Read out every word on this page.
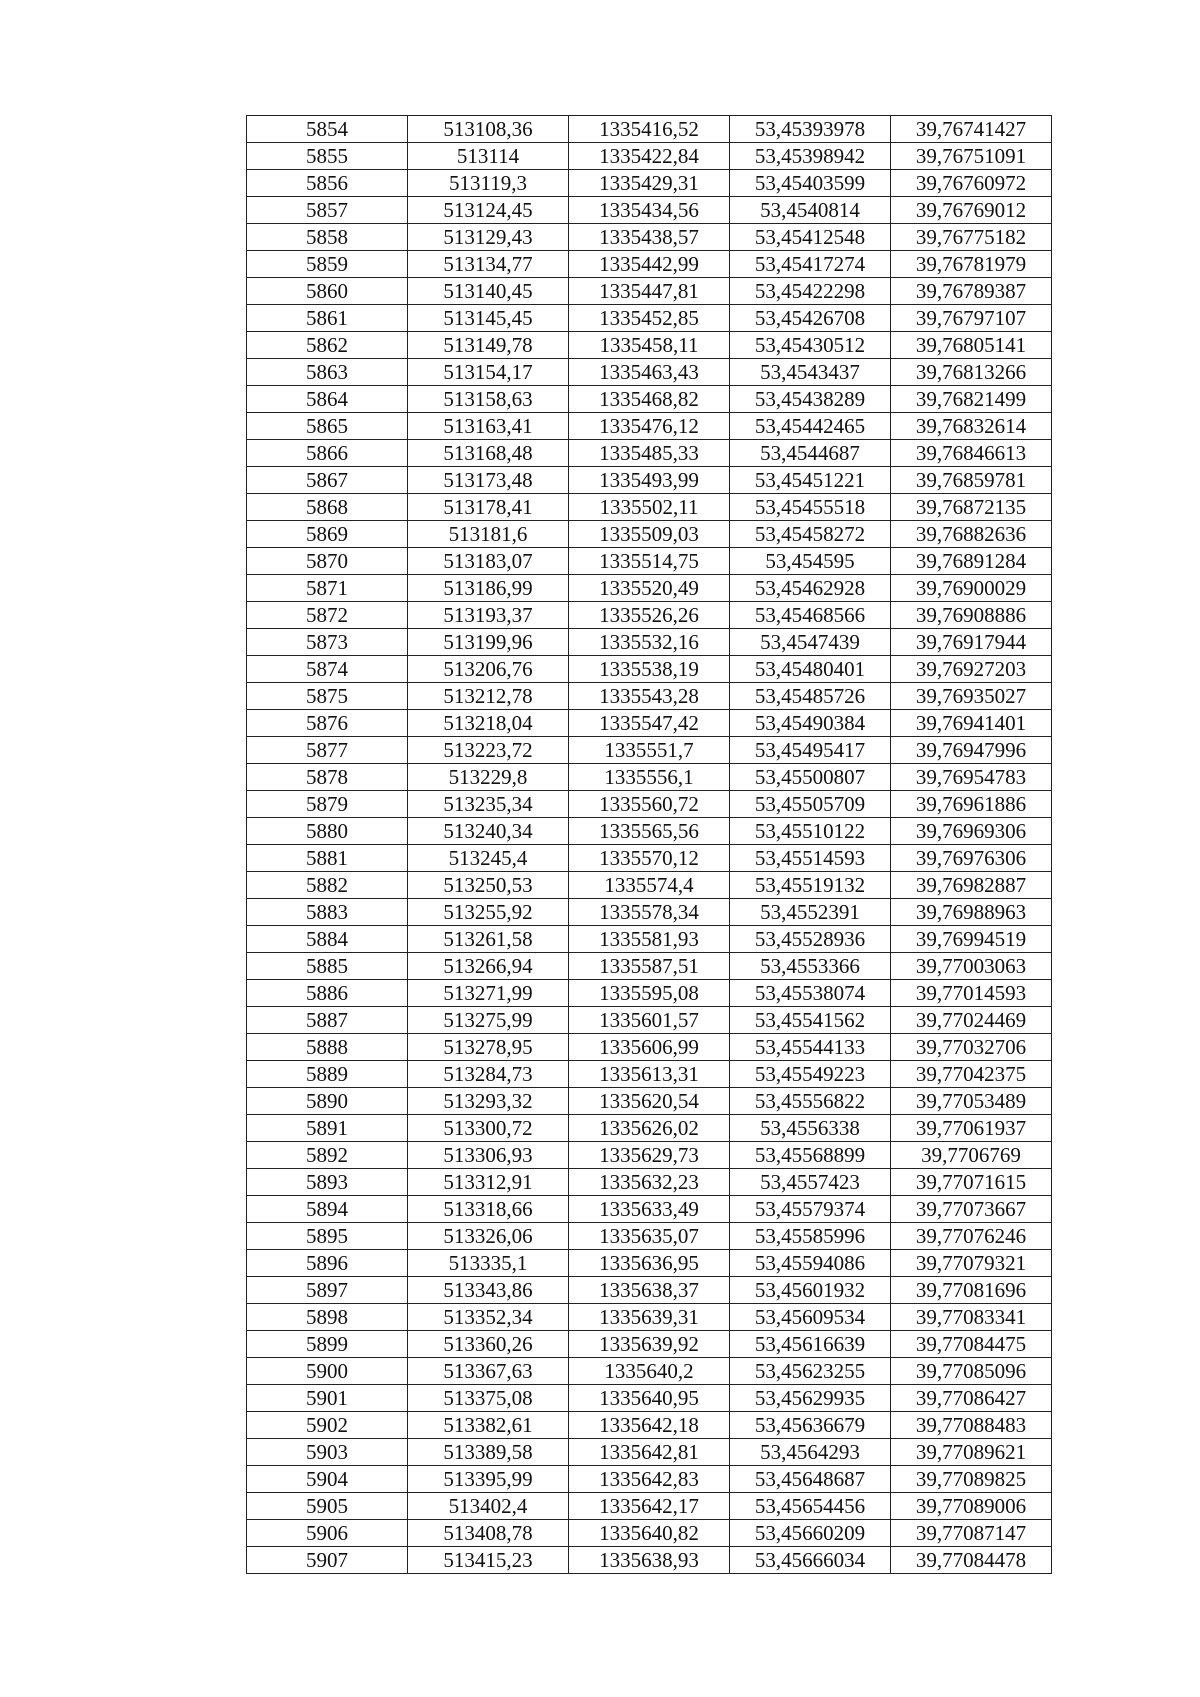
5854	513108,36	1335416,52	53,45393978	39,76741427
5855	513114	1335422,84	53,45398942	39,76751091
5856	513119,3	1335429,31	53,45403599	39,76760972
5857	513124,45	1335434,56	53,4540814	39,76769012
5858	513129,43	1335438,57	53,45412548	39,76775182
5859	513134,77	1335442,99	53,45417274	39,76781979
5860	513140,45	1335447,81	53,45422298	39,76789387
5861	513145,45	1335452,85	53,45426708	39,76797107
5862	513149,78	1335458,11	53,45430512	39,76805141
5863	513154,17	1335463,43	53,4543437	39,76813266
5864	513158,63	1335468,82	53,45438289	39,76821499
5865	513163,41	1335476,12	53,45442465	39,76832614
5866	513168,48	1335485,33	53,4544687	39,76846613
5867	513173,48	1335493,99	53,45451221	39,76859781
5868	513178,41	1335502,11	53,45455518	39,76872135
5869	513181,6	1335509,03	53,45458272	39,76882636
5870	513183,07	1335514,75	53,454595	39,76891284
5871	513186,99	1335520,49	53,45462928	39,76900029
5872	513193,37	1335526,26	53,45468566	39,76908886
5873	513199,96	1335532,16	53,4547439	39,76917944
5874	513206,76	1335538,19	53,45480401	39,76927203
5875	513212,78	1335543,28	53,45485726	39,76935027
5876	513218,04	1335547,42	53,45490384	39,76941401
5877	513223,72	1335551,7	53,45495417	39,76947996
5878	513229,8	1335556,1	53,45500807	39,76954783
5879	513235,34	1335560,72	53,45505709	39,76961886
5880	513240,34	1335565,56	53,45510122	39,76969306
5881	513245,4	1335570,12	53,45514593	39,76976306
5882	513250,53	1335574,4	53,45519132	39,76982887
5883	513255,92	1335578,34	53,4552391	39,76988963
5884	513261,58	1335581,93	53,45528936	39,76994519
5885	513266,94	1335587,51	53,4553366	39,77003063
5886	513271,99	1335595,08	53,45538074	39,77014593
5887	513275,99	1335601,57	53,45541562	39,77024469
5888	513278,95	1335606,99	53,45544133	39,77032706
5889	513284,73	1335613,31	53,45549223	39,77042375
5890	513293,32	1335620,54	53,45556822	39,77053489
5891	513300,72	1335626,02	53,4556338	39,77061937
5892	513306,93	1335629,73	53,45568899	39,7706769
5893	513312,91	1335632,23	53,4557423	39,77071615
5894	513318,66	1335633,49	53,45579374	39,77073667
5895	513326,06	1335635,07	53,45585996	39,77076246
5896	513335,1	1335636,95	53,45594086	39,77079321
5897	513343,86	1335638,37	53,45601932	39,77081696
5898	513352,34	1335639,31	53,45609534	39,77083341
5899	513360,26	1335639,92	53,45616639	39,77084475
5900	513367,63	1335640,2	53,45623255	39,77085096
5901	513375,08	1335640,95	53,45629935	39,77086427
5902	513382,61	1335642,18	53,45636679	39,77088483
5903	513389,58	1335642,81	53,4564293	39,77089621
5904	513395,99	1335642,83	53,45648687	39,77089825
5905	513402,4	1335642,17	53,45654456	39,77089006
5906	513408,78	1335640,82	53,45660209	39,77087147
5907	513415,23	1335638,93	53,45666034	39,77084478
